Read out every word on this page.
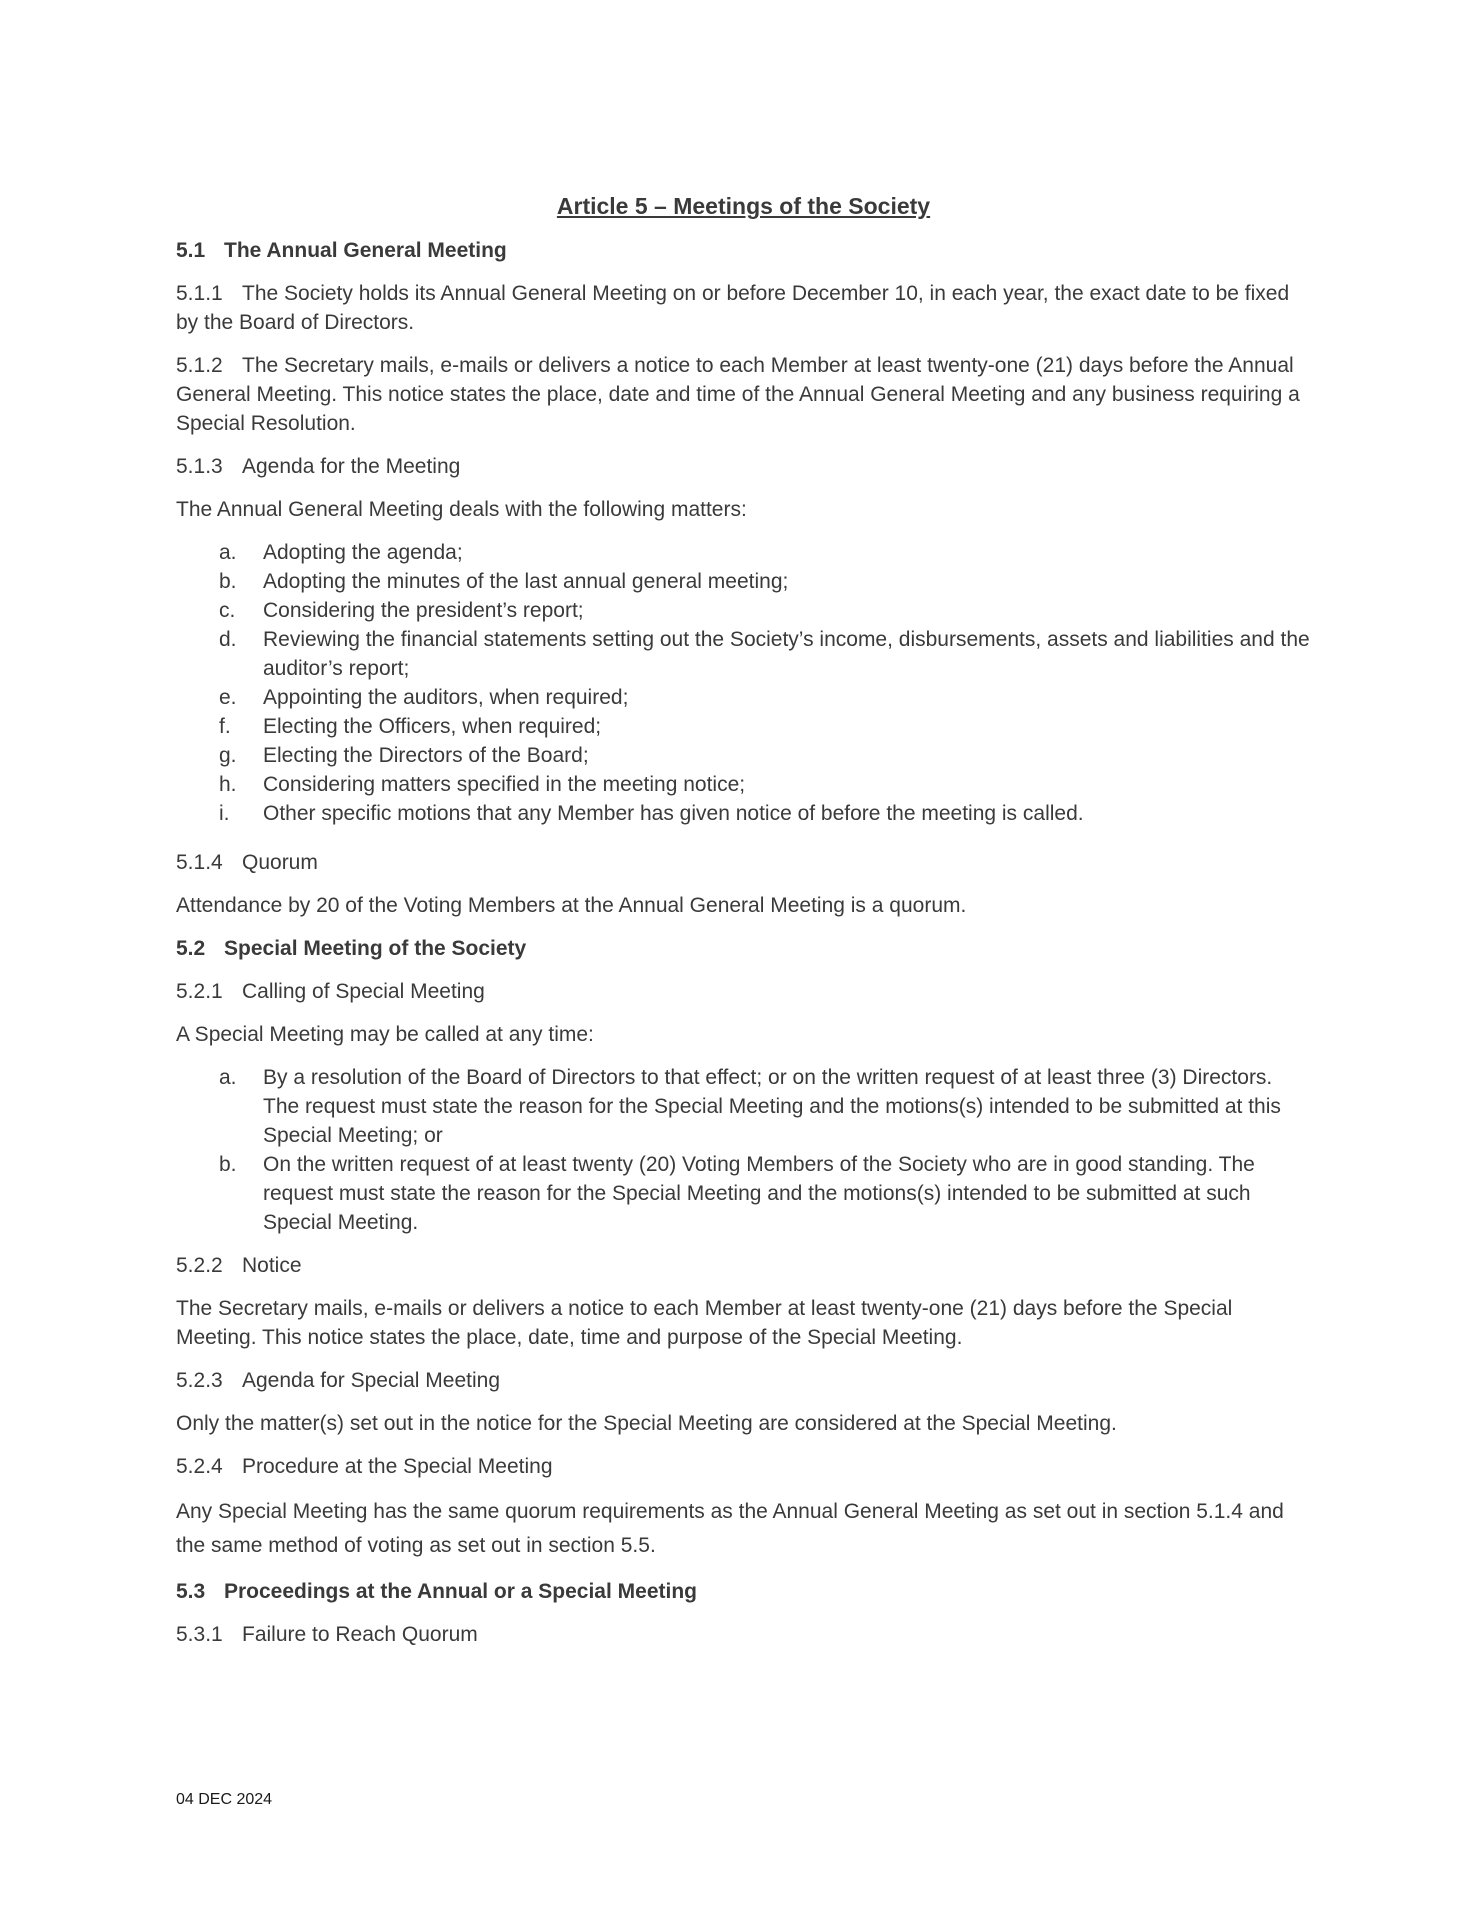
Article 5 – Meetings of the Society
5.1 The Annual General Meeting

5.1.1 The Society holds its Annual General Meeting on or before December 10, in each year, the exact date to be fixed by the Board of Directors.

5.1.2 The Secretary mails, e-mails or delivers a notice to each Member at least twenty-one (21) days before the Annual General Meeting. This notice states the place, date and time of the Annual General Meeting and any business requiring a Special Resolution.

5.1.3 Agenda for the Meeting

The Annual General Meeting deals with the following matters:

a.	Adopting the agenda;
b.	Adopting the minutes of the last annual general meeting;
c.	Considering the president’s report;
d.	Reviewing the financial statements setting out the Society’s income, disbursements, assets and liabilities and the auditor’s report;
e.	Appointing the auditors, when required;
f.	Electing the Officers, when required;
g.	Electing the Directors of the Board;
h.	Considering matters specified in the meeting notice;
i.	Other specific motions that any Member has given notice of before the meeting is called.
5.1.4 Quorum

Attendance by 20 of the Voting Members at the Annual General Meeting is a quorum.

5.2 Special Meeting of the Society
5.2.1 Calling of Special Meeting

A Special Meeting may be called at any time:

a.	By a resolution of the Board of Directors to that effect; or on the written request of at least three (3) Directors. The request must state the reason for the Special Meeting and the motions(s) intended to be submitted at this Special Meeting; or
b.	On the written request of at least twenty (20) Voting Members of the Society who are in good standing. The request must state the reason for the Special Meeting and the motions(s) intended to be submitted at such Special Meeting.
5.2.2 Notice

The Secretary mails, e-mails or delivers a notice to each Member at least twenty-one (21) days before the Special Meeting. This notice states the place, date, time and purpose of the Special Meeting.

5.2.3 Agenda for Special Meeting

Only the matter(s) set out in the notice for the Special Meeting are considered at the Special Meeting.

5.2.4 Procedure at the Special Meeting

Any Special Meeting has the same quorum requirements as the Annual General Meeting as set out in section 5.1.4 and the same method of voting as set out in section 5.5.

5.3 Proceedings at the Annual or a Special Meeting
5.3.1 Failure to Reach Quorum
04 DEC 2024
